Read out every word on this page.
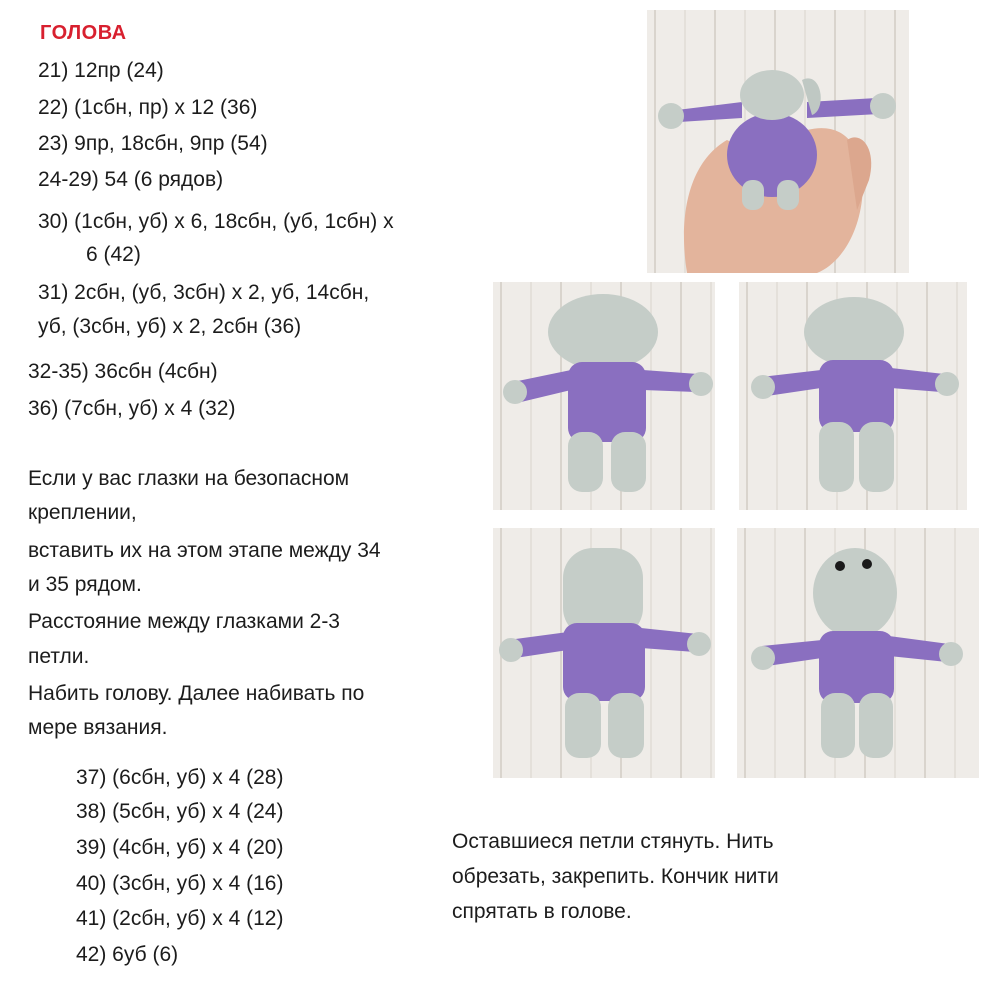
ГОЛОВА
21) 12пр (24)
22) (1сбн, пр) х 12 (36)
23) 9пр, 18сбн, 9пр (54)
24-29) 54 (6 рядов)
30) (1сбн, уб) х 6, 18сбн, (уб, 1сбн) х
6 (42)
31) 2сбн, (уб, 3сбн) х 2, уб, 14сбн,
уб, (3сбн, уб) х 2, 2сбн (36)
32-35) 36сбн (4сбн)
36) (7сбн, уб) х 4 (32)
Если у вас глазки на безопасном
креплении,
вставить их на этом этапе между 34
и 35 рядом.
Расстояние между глазками 2-3
петли.
Набить голову. Далее набивать по
мере вязания.
37) (6сбн, уб) х 4 (28)
38) (5сбн, уб) х 4 (24)
39) (4сбн, уб) х 4 (20)
40) (3сбн, уб) х 4 (16)
41) (2сбн, уб) х 4 (12)
42) 6уб (6)
Оставшиеся петли стянуть. Нить
обрезать, закрепить. Кончик нити
спрятать в голове.
